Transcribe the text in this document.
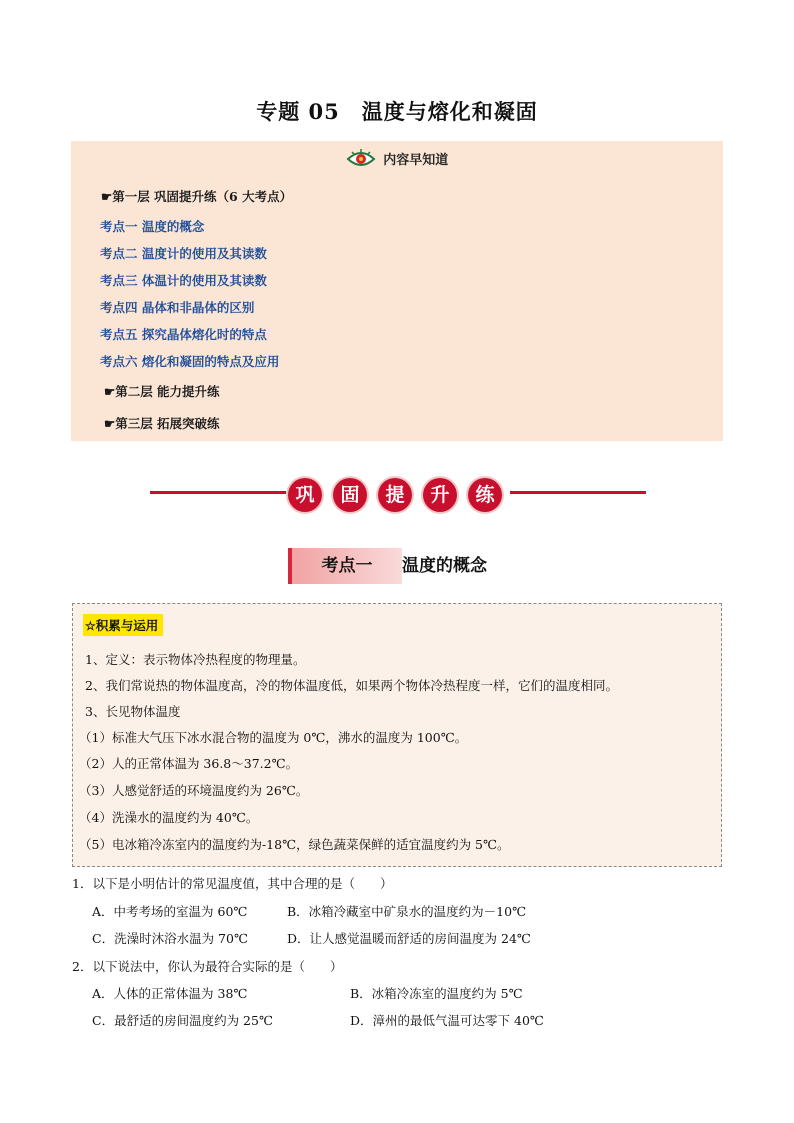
专题 05　温度与熔化和凝固
内容早知道
☛第一层 巩固提升练（6 大考点）
考点一 温度的概念
考点二 温度计的使用及其读数
考点三 体温计的使用及其读数
考点四 晶体和非晶体的区别
考点五 探究晶体熔化时的特点
考点六 熔化和凝固的特点及应用
☛第二层 能力提升练
☛第三层 拓展突破练
巩	固	提	升	练
考点一	温度的概念
☆积累与运用
1、定义：表示物体冷热程度的物理量。
2、我们常说热的物体温度高，冷的物体温度低，如果两个物体冷热程度一样，它们的温度相同。
3、长见物体温度
（1）标准大气压下冰水混合物的温度为 0℃，沸水的温度为 100℃。
（2）人的正常体温为 36.8～37.2℃。
（3）人感觉舒适的环境温度约为 26℃。
（4）洗澡水的温度约为 40℃。
（5）电冰箱冷冻室内的温度约为-18℃，绿色蔬菜保鲜的适宜温度约为 5℃。
1．以下是小明估计的常见温度值，其中合理的是（　　）
A．中考考场的室温为 60℃	B．冰箱冷藏室中矿泉水的温度约为－10℃
C．洗澡时沐浴水温为 70℃	D．让人感觉温暖而舒适的房间温度为 24℃
2．以下说法中，你认为最符合实际的是（　　）
A．人体的正常体温为 38℃	B．冰箱冷冻室的温度约为 5℃
C．最舒适的房间温度约为 25℃	D．漳州的最低气温可达零下 40℃
